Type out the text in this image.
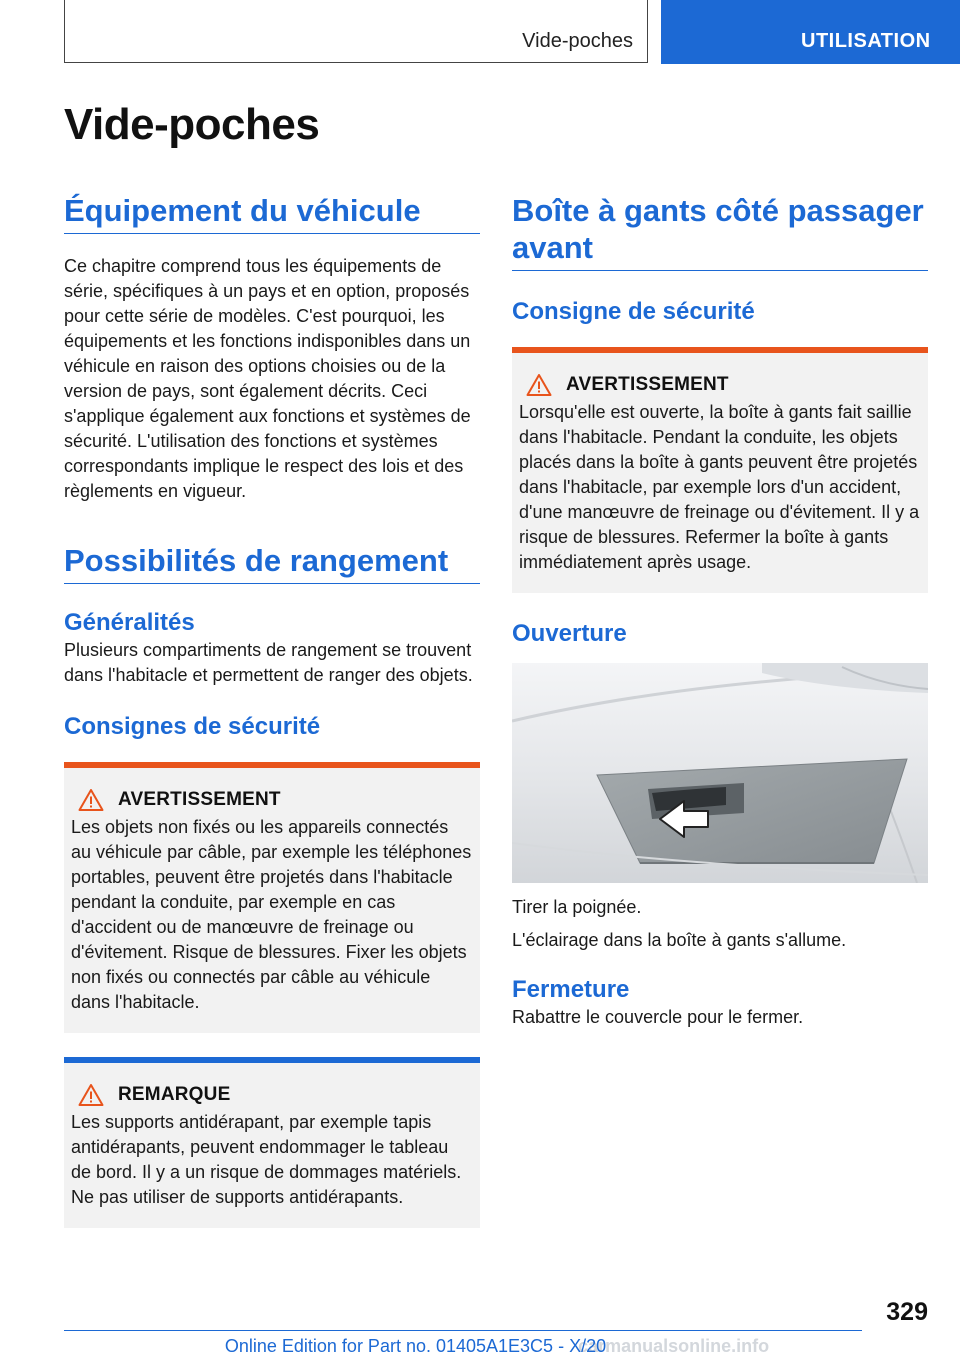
Vide-poches	UTILISATION
Vide-poches
Équipement du véhicule

Ce chapitre comprend tous les équipements de série, spécifiques à un pays et en option, proposés pour cette série de modèles. C'est pourquoi, les équipements et les fonctions indisponibles dans un véhicule en raison des options choisies ou de la version de pays, sont également décrits. Ceci s'applique également aux fonctions et systèmes de sécurité. L'utilisation des fonctions et systèmes correspondants implique le respect des lois et des règlements en vigueur.

Possibilités de rangement
Généralités

Plusieurs compartiments de rangement se trouvent dans l'habitacle et permettent de ranger des objets.

Consignes de sécurité
AVERTISSEMENT

Les objets non fixés ou les appareils connectés au véhicule par câble, par exemple les téléphones portables, peuvent être projetés dans l'habitacle pendant la conduite, par exemple en cas d'accident ou de manœuvre de freinage ou d'évitement. Risque de blessures. Fixer les objets non fixés ou connectés par câble au véhicule dans l'habitacle.

REMARQUE

Les supports antidérapant, par exemple tapis antidérapants, peuvent endommager le tableau de bord. Il y a un risque de dommages matériels. Ne pas utiliser de supports antidérapants.

Boîte à gants côté passager avant
Consigne de sécurité
AVERTISSEMENT

Lorsqu'elle est ouverte, la boîte à gants fait saillie dans l'habitacle. Pendant la conduite, les objets placés dans la boîte à gants peuvent être projetés dans l'habitacle, par exemple lors d'un accident, d'une manœuvre de freinage ou d'évitement. Il y a risque de blessures. Refermer la boîte à gants immédiatement après usage.

Ouverture

Tirer la poignée.

L'éclairage dans la boîte à gants s'allume.

Fermeture

Rabattre le couvercle pour le fermer.

329
Online Edition for Part no. 01405A1E3C5 - X/20carmanualsonline.info
